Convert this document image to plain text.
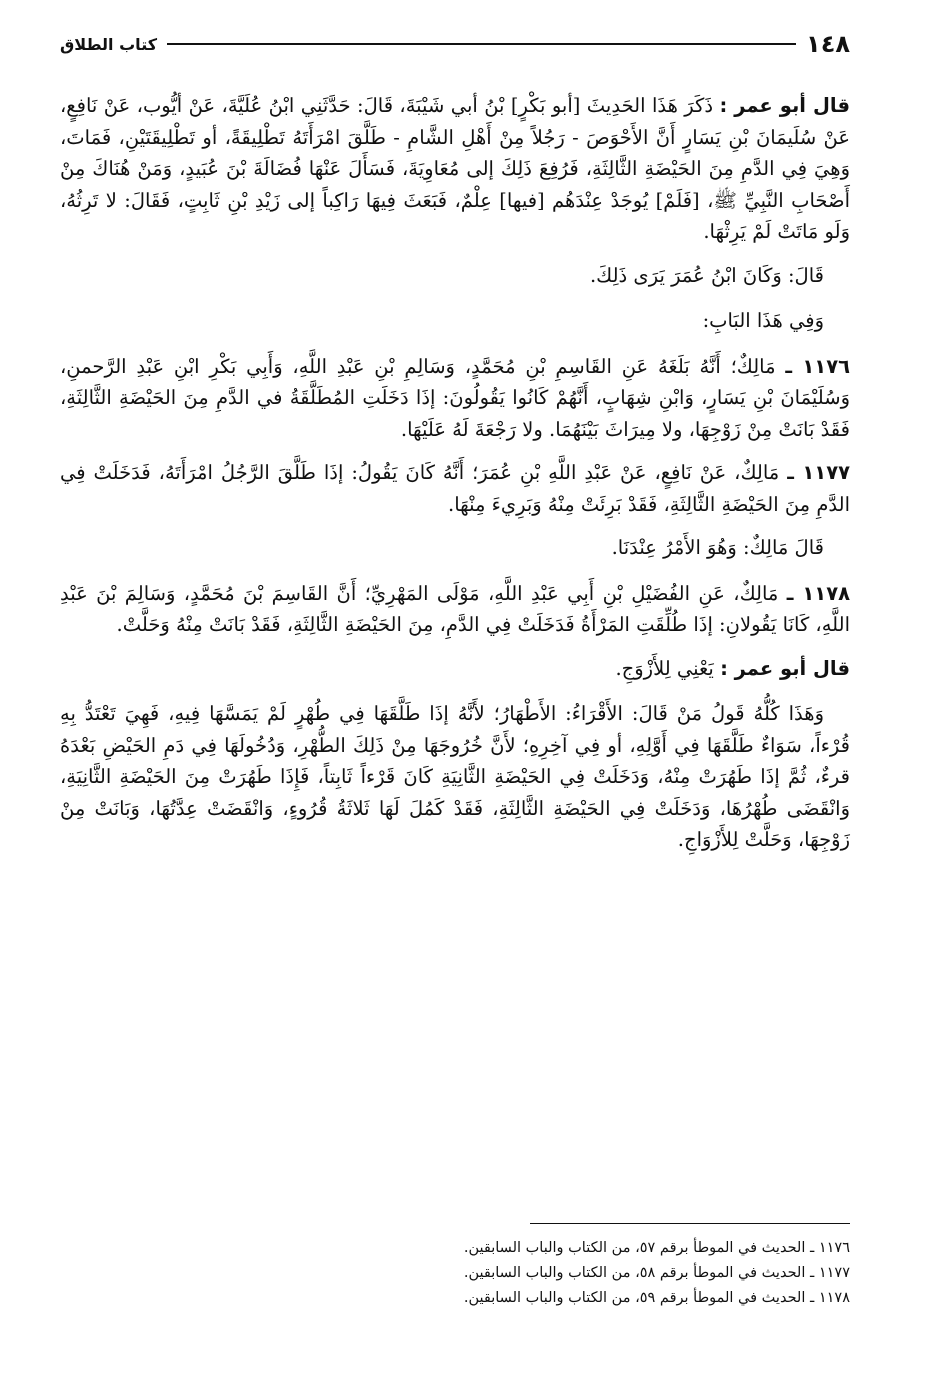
١٤٨
كتاب الطلاق

قال أبو عمر : ذَكَرَ هَذَا الحَدِيثَ [أبو بَكْرٍ] بْنُ أبي شَيْبَةَ، قَالَ: حَدَّثَنِي ابْنُ عُلَيَّةَ، عَنْ أيُّوب، عَنْ نَافِعٍ، عَنْ سُلَيمَانَ بْنِ يَسَارٍ أَنَّ الأَحْوَصَ - رَجُلاً مِنْ أَهْلِ الشَّامِ - طَلَّقَ امْرَأَتَهُ تَطْلِيقَةً، أو تَطْلِيقَتَيْنِ، فَمَاتَ، وَهِيَ فِي الدَّمِ مِنَ الحَيْضَةِ الثَّالِثَةِ، فَرُفِعَ ذَلِكَ إلى مُعَاوِيَةَ، فَسَأَلَ عَنْهَا فُضَالَةَ بْنَ عُبَيدٍ، وَمَنْ هُنَاكَ مِنْ أَصْحَابِ النَّبِيِّ ﷺ، [فَلَمْ] يُوجَدْ عِنْدَهُم [فيها] عِلْمٌ، فَبَعَثَ فِيهَا رَاكِباً إلى زَيْدِ بْنِ ثَابِتٍ، فَقَالَ: لا تَرِثُهُ، وَلَو مَاتَتْ لَمْ يَرِثْهَا.

قَالَ: وَكَانَ ابْنُ عُمَرَ يَرَى ذَلِكَ.

وَفِي هَذَا البَابِ:

١١٧٦ ـ مَالِكٌ؛ أَنَّهُ بَلَغَهُ عَنِ القَاسِمِ بْنِ مُحَمَّدٍ، وَسَالِمِ بْنِ عَبْدِ اللَّهِ، وَأَبِي بَكْرِ ابْنِ عَبْدِ الرَّحمنِ، وَسُلَيْمَانَ بْنِ يَسَارٍ، وَابْنِ شِهَابٍ، أَنَّهُمْ كَانُوا يَقُولُونَ: إذَا دَخَلَتِ المُطَلَّقَةُ في الدَّمِ مِنَ الحَيْضَةِ الثَّالِثَةِ، فَقَدْ بَانَتْ مِنْ زَوْجِهَا، ولا مِيرَاثَ بَيْنَهُمَا. ولا رَجْعَةَ لَهُ عَلَيْهَا.

١١٧٧ ـ مَالِكٌ، عَنْ نَافِعٍ، عَنْ عَبْدِ اللَّهِ بْنِ عُمَرَ؛ أَنَّهُ كَانَ يَقُولُ: إذَا طَلَّقَ الرَّجُلُ امْرَأَتَهُ، فَدَخَلَتْ فِي الدَّمِ مِنَ الحَيْضَةِ الثَّالِثَةِ، فَقَدْ بَرِئَتْ مِنْهُ وَبَرِيءَ مِنْهَا.

قَالَ مَالِكٌ: وَهُوَ الأَمْرُ عِنْدَنَا.

١١٧٨ ـ مَالِكٌ، عَنِ الفُضَيْلِ بْنِ أَبِي عَبْدِ اللَّهِ، مَوْلَى المَهْرِيِّ؛ أَنَّ القَاسِمَ بْنَ مُحَمَّدٍ، وَسَالِمَ بْنَ عَبْدِ اللَّهِ، كَانَا يَقُولانِ: إذَا طُلِّقَتِ المَرْأَةُ فَدَخَلَتْ فِي الدَّمِ، مِنَ الحَيْضَةِ الثَّالِثَةِ، فَقَدْ بَانَتْ مِنْهُ وَحَلَّتْ.

قال أبو عمر : يَعْنِي لِلأَزْوَجِ.

وَهَذَا كُلُّهُ قَولُ مَنْ قَالَ: الأَقْرَاءُ: الأَطْهَارُ؛ لأَنَّهُ إذَا طَلَّقَهَا فِي طُهْرٍ لَمْ يَمَسَّهَا فِيهِ، فَهِيَ تَعْتَدُّ بِهِ قُرْءاً، سَوَاءٌ طَلَّقَهَا فِي أَوَّلِهِ، أو فِي آخِرِهِ؛ لأَنَّ خُرُوجَهَا مِنْ ذَلِكَ الطُّهْرِ، وَدُخُولَهَا فِي دَمِ الحَيْضِ بَعْدَهُ قرءٌ، ثُمَّ إذَا طَهُرَتْ مِنْهُ، وَدَخَلَتْ فِي الحَيْضَةِ الثَّانِيَةِ كَانَ قَرْءاً ثَابِتاً، فَإِذَا طَهُرَتْ مِنَ الحَيْضَةِ الثَّانِيَةِ، وَانْقَضَى طُهْرُهَا، وَدَخَلَتْ فِي الحَيْضَةِ الثَّالِثَةِ، فَقَدْ كَمُلَ لَهَا ثَلاثَةُ قُرُوءٍ، وَانْقَضَتْ عِدَّتُهَا، وَبَانَتْ مِنْ زَوْجِهَا، وَحَلَّتْ لِلأَزْوَاجِ.

١١٧٦ ـ الحديث في الموطأ برقم ٥٧، من الكتاب والباب السابقين.
١١٧٧ ـ الحديث في الموطأ برقم ٥٨، من الكتاب والباب السابقين.
١١٧٨ ـ الحديث في الموطأ برقم ٥٩، من الكتاب والباب السابقين.
